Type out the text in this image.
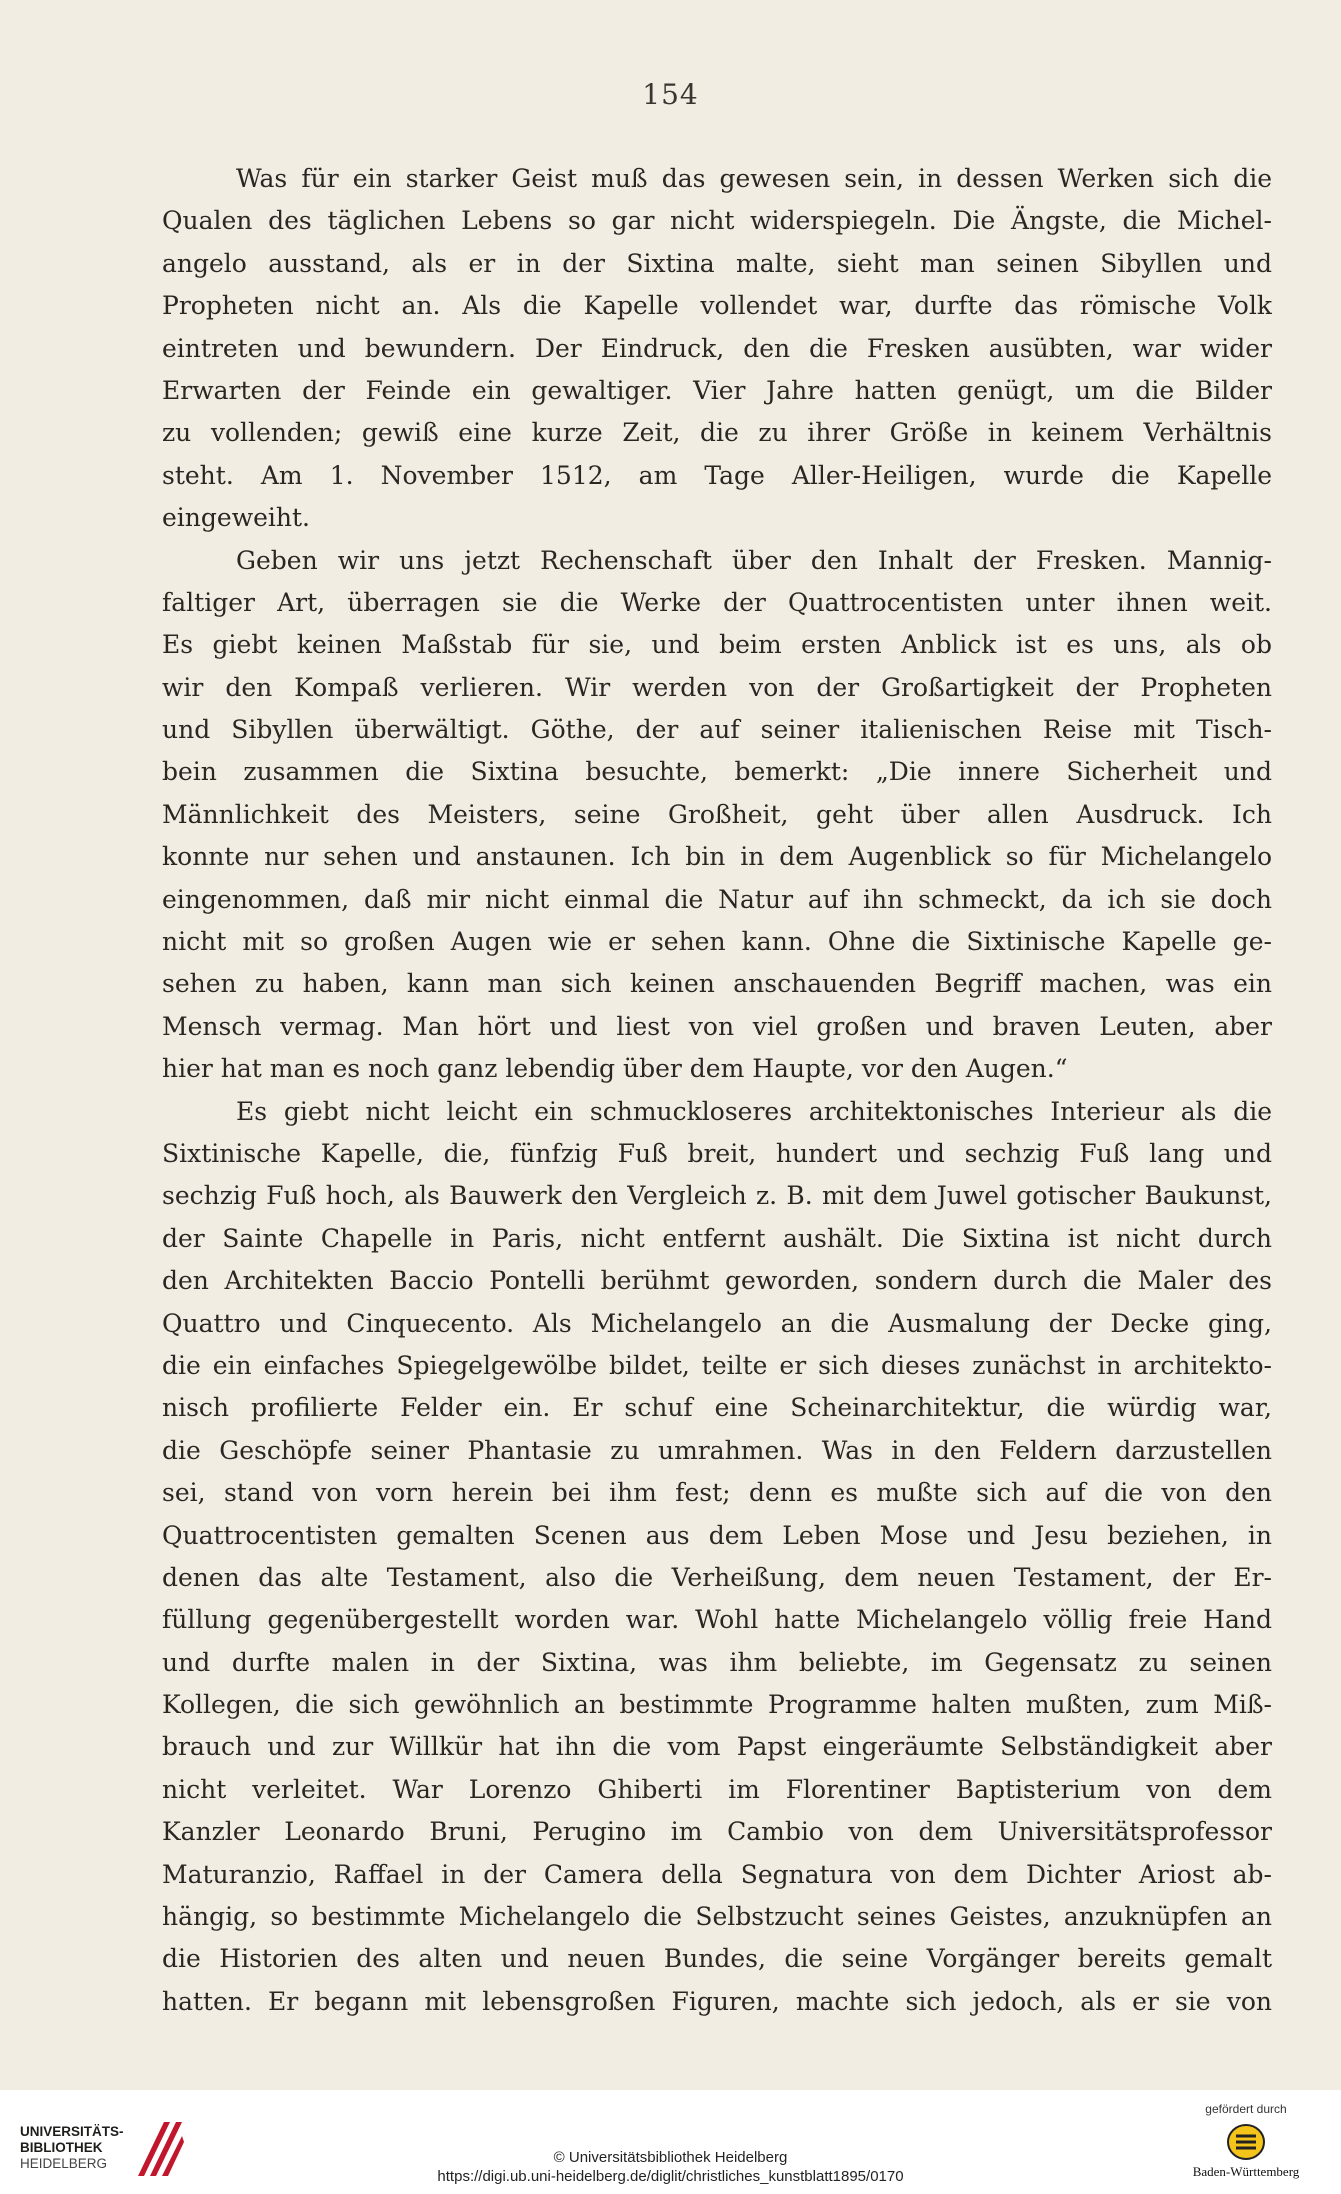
154
Was für ein starker Geist muß das gewesen sein, in dessen Werken sich die
Qualen des täglichen Lebens so gar nicht widerspiegeln. Die Ängste, die Michel-
angelo ausstand, als er in der Sixtina malte, sieht man seinen Sibyllen und
Propheten nicht an. Als die Kapelle vollendet war, durfte das römische Volk
eintreten und bewundern. Der Eindruck, den die Fresken ausübten, war wider
Erwarten der Feinde ein gewaltiger. Vier Jahre hatten genügt, um die Bilder
zu vollenden; gewiß eine kurze Zeit, die zu ihrer Größe in keinem Verhältnis
steht. Am 1. November 1512, am Tage Aller-Heiligen, wurde die Kapelle
eingeweiht.
Geben wir uns jetzt Rechenschaft über den Inhalt der Fresken. Mannig-
faltiger Art, überragen sie die Werke der Quattrocentisten unter ihnen weit.
Es giebt keinen Maßstab für sie, und beim ersten Anblick ist es uns, als ob
wir den Kompaß verlieren. Wir werden von der Großartigkeit der Propheten
und Sibyllen überwältigt. Göthe, der auf seiner italienischen Reise mit Tisch-
bein zusammen die Sixtina besuchte, bemerkt: „Die innere Sicherheit und
Männlichkeit des Meisters, seine Großheit, geht über allen Ausdruck. Ich
konnte nur sehen und anstaunen. Ich bin in dem Augenblick so für Michelangelo
eingenommen, daß mir nicht einmal die Natur auf ihn schmeckt, da ich sie doch
nicht mit so großen Augen wie er sehen kann. Ohne die Sixtinische Kapelle ge-
sehen zu haben, kann man sich keinen anschauenden Begriff machen, was ein
Mensch vermag. Man hört und liest von viel großen und braven Leuten, aber
hier hat man es noch ganz lebendig über dem Haupte, vor den Augen.“
Es giebt nicht leicht ein schmuckloseres architektonisches Interieur als die
Sixtinische Kapelle, die, fünfzig Fuß breit, hundert und sechzig Fuß lang und
sechzig Fuß hoch, als Bauwerk den Vergleich z. B. mit dem Juwel gotischer Baukunst,
der Sainte Chapelle in Paris, nicht entfernt aushält. Die Sixtina ist nicht durch
den Architekten Baccio Pontelli berühmt geworden, sondern durch die Maler des
Quattro und Cinquecento. Als Michelangelo an die Ausmalung der Decke ging,
die ein einfaches Spiegelgewölbe bildet, teilte er sich dieses zunächst in architekto-
nisch profilierte Felder ein. Er schuf eine Scheinarchitektur, die würdig war,
die Geschöpfe seiner Phantasie zu umrahmen. Was in den Feldern darzustellen
sei, stand von vorn herein bei ihm fest; denn es mußte sich auf die von den
Quattrocentisten gemalten Scenen aus dem Leben Mose und Jesu beziehen, in
denen das alte Testament, also die Verheißung, dem neuen Testament, der Er-
füllung gegenübergestellt worden war. Wohl hatte Michelangelo völlig freie Hand
und durfte malen in der Sixtina, was ihm beliebte, im Gegensatz zu seinen
Kollegen, die sich gewöhnlich an bestimmte Programme halten mußten, zum Miß-
brauch und zur Willkür hat ihn die vom Papst eingeräumte Selbständigkeit aber
nicht verleitet. War Lorenzo Ghiberti im Florentiner Baptisterium von dem
Kanzler Leonardo Bruni, Perugino im Cambio von dem Universitätsprofessor
Maturanzio, Raffael in der Camera della Segnatura von dem Dichter Ariost ab-
hängig, so bestimmte Michelangelo die Selbstzucht seines Geistes, anzuknüpfen an
die Historien des alten und neuen Bundes, die seine Vorgänger bereits gemalt
hatten. Er begann mit lebensgroßen Figuren, machte sich jedoch, als er sie von
UNIVERSITÄTS-
BIBLIOTHEK
HEIDELBERG	© Universitätsbibliothek Heidelberg
https://digi.ub.uni-heidelberg.de/diglit/christliches_kunstblatt1895/0170
gefördert durch
Baden-Württemberg
